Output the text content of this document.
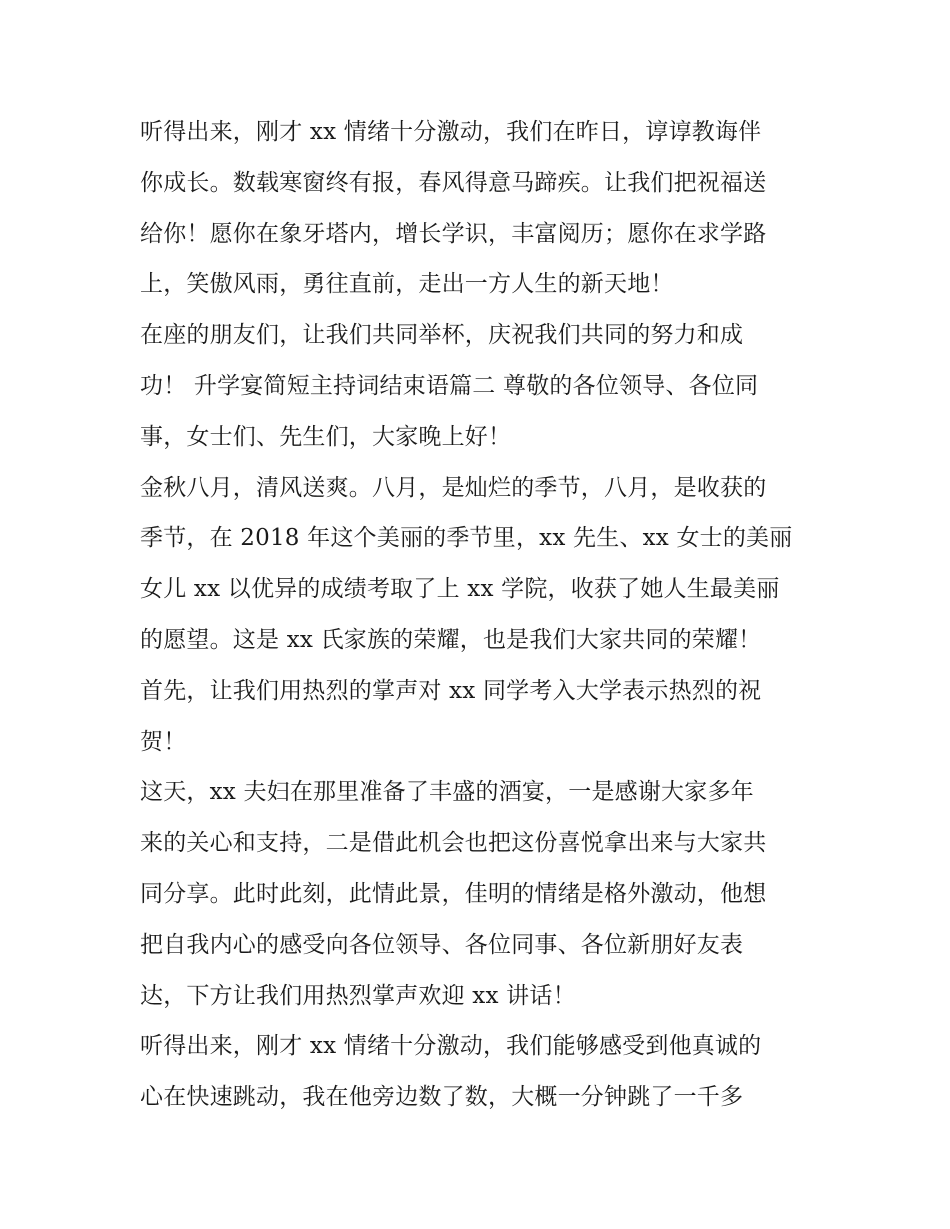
听得出来，刚才 xx 情绪十分激动，我们在昨日，谆谆教诲伴
你成长。数载寒窗终有报，春风得意马蹄疾。让我们把祝福送
给你！愿你在象牙塔内，增长学识，丰富阅历；愿你在求学路
上，笑傲风雨，勇往直前，走出一方人生的新天地！
在座的朋友们，让我们共同举杯，庆祝我们共同的努力和成
功！ 升学宴简短主持词结束语篇二 尊敬的各位领导、各位同
事，女士们、先生们，大家晚上好！
金秋八月，清风送爽。八月，是灿烂的季节，八月，是收获的
季节，在 2018 年这个美丽的季节里，xx 先生、xx 女士的美丽
女儿 xx 以优异的成绩考取了上 xx 学院，收获了她人生最美丽
的愿望。这是 xx 氏家族的荣耀，也是我们大家共同的荣耀！
首先，让我们用热烈的掌声对 xx 同学考入大学表示热烈的祝
贺！
这天，xx 夫妇在那里准备了丰盛的酒宴，一是感谢大家多年
来的关心和支持，二是借此机会也把这份喜悦拿出来与大家共
同分享。此时此刻，此情此景，佳明的情绪是格外激动，他想
把自我内心的感受向各位领导、各位同事、各位新朋好友表
达，下方让我们用热烈掌声欢迎 xx 讲话！
听得出来，刚才 xx 情绪十分激动，我们能够感受到他真诚的
心在快速跳动，我在他旁边数了数，大概一分钟跳了一千多
